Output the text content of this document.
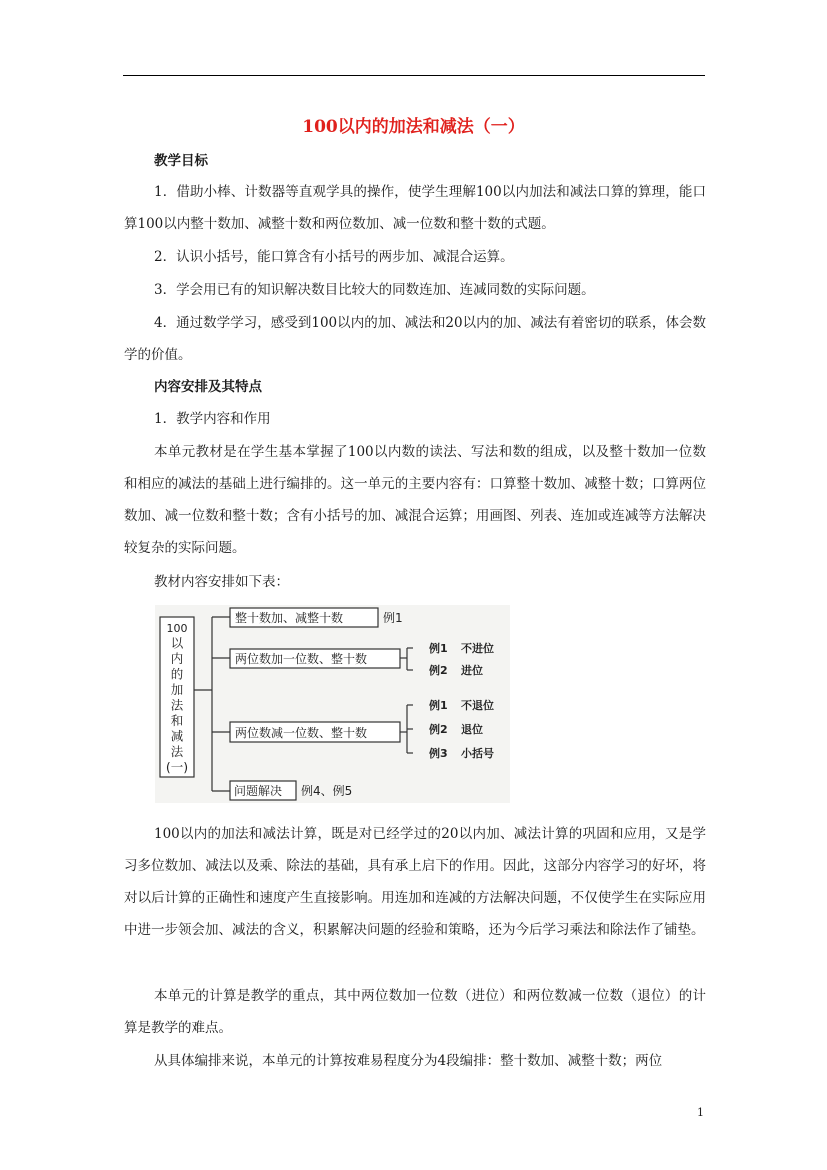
100以内的加法和减法（一）
教学目标
1．借助小棒、计数器等直观学具的操作，使学生理解100以内加法和减法口算的算理，能口算100以内整十数加、减整十数和两位数加、减一位数和整十数的式题。
2．认识小括号，能口算含有小括号的两步加、减混合运算。
3．学会用已有的知识解决数目比较大的同数连加、连减同数的实际问题。
4．通过数学学习，感受到100以内的加、减法和20以内的加、减法有着密切的联系，体会数学的价值。
内容安排及其特点
1．教学内容和作用
本单元教材是在学生基本掌握了100以内数的读法、写法和数的组成，以及整十数加一位数和相应的减法的基础上进行编排的。这一单元的主要内容有：口算整十数加、减整十数；口算两位数加、减一位数和整十数；含有小括号的加、减混合运算；用画图、列表、连加或连减等方法解决较复杂的实际问题。
教材内容安排如下表：
100
以
内
的
加
法
和
减
法
(一)
整十数加、减整十数	例1
两位数加一位数、整十数
例1 不进位
例2 进位
两位数减一位数、整十数
例1 不退位
例2 退位
例3 小括号
问题解决 例4、例5
100以内的加法和减法计算，既是对已经学过的20以内加、减法计算的巩固和应用，又是学习多位数加、减法以及乘、除法的基础，具有承上启下的作用。因此，这部分内容学习的好坏，将对以后计算的正确性和速度产生直接影响。用连加和连减的方法解决问题，不仅使学生在实际应用中进一步领会加、减法的含义，积累解决问题的经验和策略，还为今后学习乘法和除法作了铺垫。
本单元的计算是教学的重点，其中两位数加一位数（进位）和两位数减一位数（退位）的计算是教学的难点。
从具体编排来说，本单元的计算按难易程度分为4段编排：整十数加、减整十数；两位
1
